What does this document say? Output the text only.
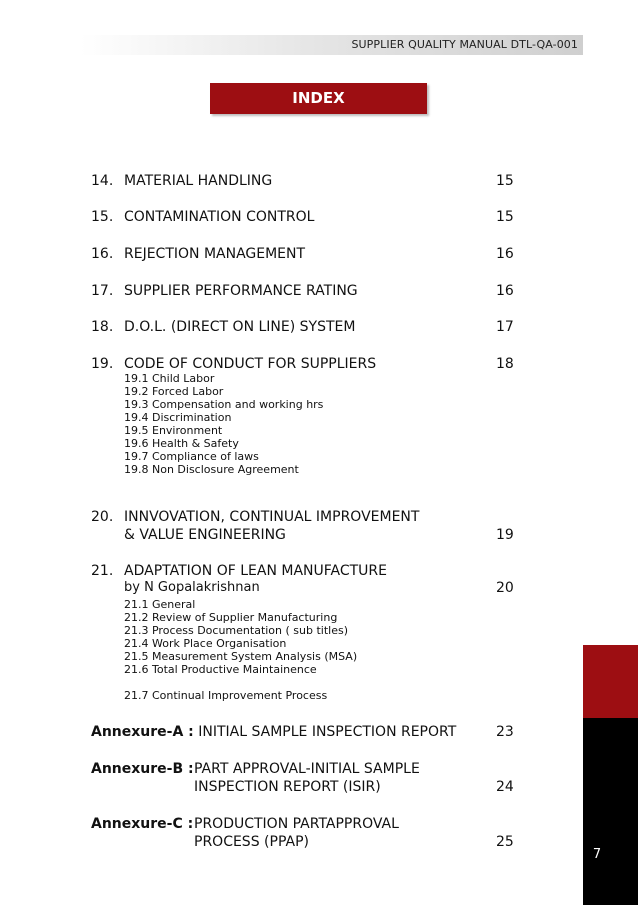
SUPPLIER QUALITY MANUAL DTL-QA-001
INDEX
14. MATERIAL HANDLING	15
15. CONTAMINATION CONTROL	15
16. REJECTION MANAGEMENT	16
17. SUPPLIER PERFORMANCE RATING	16
18. D.O.L. (DIRECT ON LINE) SYSTEM	17
19. CODE OF CONDUCT FOR SUPPLIERS	18
19.1 Child Labor
19.2 Forced Labor
19.3 Compensation and working hrs
19.4 Discrimination
19.5 Environment
19.6 Health & Safety
19.7 Compliance of laws
19.8 Non Disclosure Agreement
20. INNVOVATION, CONTINUAL IMPROVEMENT
& VALUE ENGINEERING	19
21. ADAPTATION OF LEAN MANUFACTURE
by N Gopalakrishnan	20
21.1 General
21.2 Review of Supplier Manufacturing
21.3 Process Documentation ( sub titles)
21.4 Work Place Organisation
21.5 Measurement System Analysis (MSA)
21.6 Total Productive Maintainence
21.7 Continual Improvement Process
Annexure-A : INITIAL SAMPLE INSPECTION REPORT	23
Annexure-B : PART APPROVAL-INITIAL SAMPLE
INSPECTION REPORT (ISIR)	24
Annexure-C : PRODUCTION PARTAPPROVAL
PROCESS (PPAP)	25
7
